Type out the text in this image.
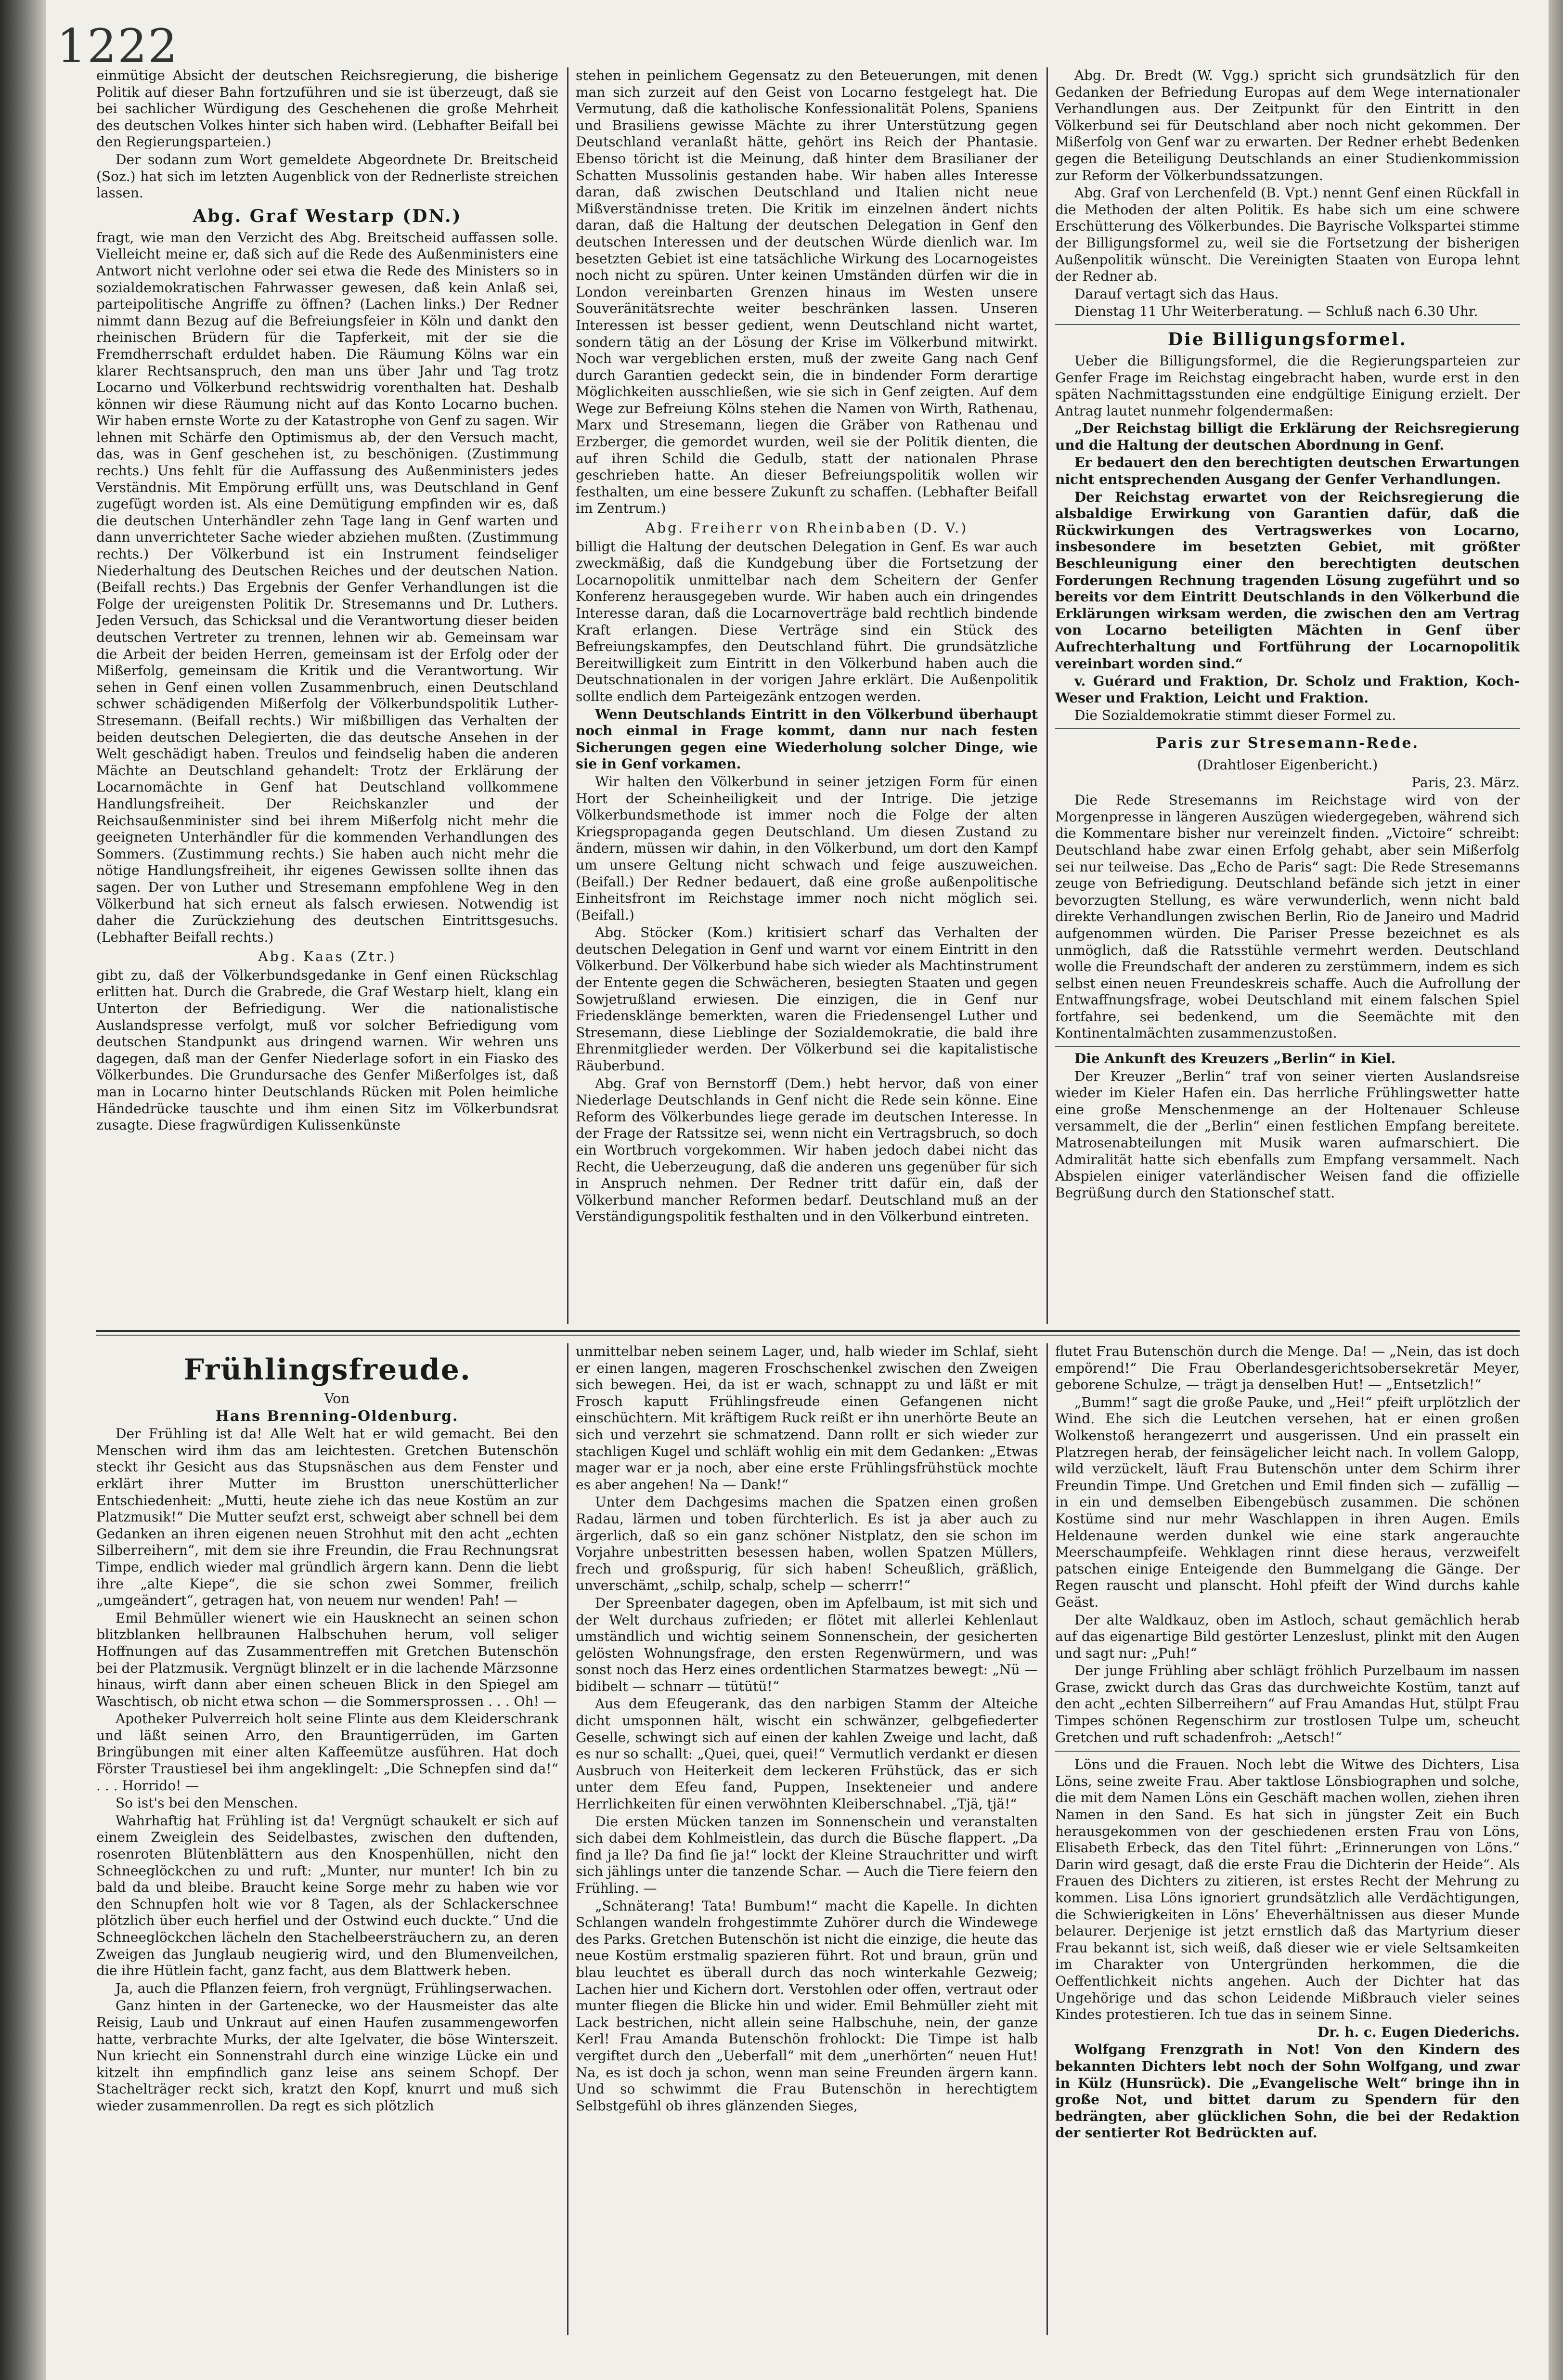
1222

einmütige Absicht der deutschen Reichsregierung, die bisherige Politik auf dieser Bahn fortzuführen und sie ist überzeugt, daß sie bei sachlicher Würdigung des Geschehenen die große Mehrheit des deutschen Volkes hinter sich haben wird. (Lebhafter Beifall bei den Regierungsparteien.)

Der sodann zum Wort gemeldete Abgeordnete Dr. Breitscheid (Soz.) hat sich im letzten Augenblick von der Rednerliste streichen lassen.

Abg. Graf Westarp (DN.)

fragt, wie man den Verzicht des Abg. Breitscheid auffassen solle. Vielleicht meine er, daß sich auf die Rede des Außenministers eine Antwort nicht verlohne oder sei etwa die Rede des Ministers so in sozialdemokratischen Fahrwasser gewesen, daß kein Anlaß sei, parteipolitische Angriffe zu öffnen? (Lachen links.) Der Redner nimmt dann Bezug auf die Befreiungsfeier in Köln und dankt den rheinischen Brüdern für die Tapferkeit, mit der sie die Fremdherrschaft erduldet haben. Die Räumung Kölns war ein klarer Rechtsanspruch, den man uns über Jahr und Tag trotz Locarno und Völkerbund rechtswidrig vorenthalten hat. Deshalb können wir diese Räumung nicht auf das Konto Locarno buchen. Wir haben ernste Worte zu der Katastrophe von Genf zu sagen. Wir lehnen mit Schärfe den Optimismus ab, der den Versuch macht, das, was in Genf geschehen ist, zu beschönigen. (Zustimmung rechts.) Uns fehlt für die Auffassung des Außenministers jedes Verständnis. Mit Empörung erfüllt uns, was Deutschland in Genf zugefügt worden ist. Als eine Demütigung empfinden wir es, daß die deutschen Unterhändler zehn Tage lang in Genf warten und dann unverrichteter Sache wieder abziehen mußten. (Zustimmung rechts.) Der Völkerbund ist ein Instrument feindseliger Niederhaltung des Deutschen Reiches und der deutschen Nation. (Beifall rechts.) Das Ergebnis der Genfer Verhandlungen ist die Folge der ureigensten Politik Dr. Stresemanns und Dr. Luthers. Jeden Versuch, das Schicksal und die Verantwortung dieser beiden deutschen Vertreter zu trennen, lehnen wir ab. Gemeinsam war die Arbeit der beiden Herren, gemeinsam ist der Erfolg oder der Mißerfolg, gemeinsam die Kritik und die Verantwortung. Wir sehen in Genf einen vollen Zusammenbruch, einen Deutschland schwer schädigenden Mißerfolg der Völkerbundspolitik Luther-Stresemann. (Beifall rechts.) Wir mißbilligen das Verhalten der beiden deutschen Delegierten, die das deutsche Ansehen in der Welt geschädigt haben. Treulos und feindselig haben die anderen Mächte an Deutschland gehandelt: Trotz der Erklärung der Locarnomächte in Genf hat Deutschland vollkommene Handlungsfreiheit. Der Reichskanzler und der Reichsaußenminister sind bei ihrem Mißerfolg nicht mehr die geeigneten Unterhändler für die kommenden Verhandlungen des Sommers. (Zustimmung rechts.) Sie haben auch nicht mehr die nötige Handlungsfreiheit, ihr eigenes Gewissen sollte ihnen das sagen. Der von Luther und Stresemann empfohlene Weg in den Völkerbund hat sich erneut als falsch erwiesen. Notwendig ist daher die Zurückziehung des deutschen Eintrittsgesuchs. (Lebhafter Beifall rechts.)

Abg. Kaas (Ztr.)

gibt zu, daß der Völkerbundsgedanke in Genf einen Rückschlag erlitten hat. Durch die Grabrede, die Graf Westarp hielt, klang ein Unterton der Befriedigung. Wer die nationalistische Auslandspresse verfolgt, muß vor solcher Befriedigung vom deutschen Standpunkt aus dringend warnen. Wir wehren uns dagegen, daß man der Genfer Niederlage sofort in ein Fiasko des Völkerbundes. Die Grundursache des Genfer Mißerfolges ist, daß man in Locarno hinter Deutschlands Rücken mit Polen heimliche Händedrücke tauschte und ihm einen Sitz im Völkerbundsrat zusagte. Diese fragwürdigen Kulissenkünste

stehen in peinlichem Gegensatz zu den Beteuerungen, mit denen man sich zurzeit auf den Geist von Locarno festgelegt hat. Die Vermutung, daß die katholische Konfessionalität Polens, Spaniens und Brasiliens gewisse Mächte zu ihrer Unterstützung gegen Deutschland veranlaßt hätte, gehört ins Reich der Phantasie. Ebenso töricht ist die Meinung, daß hinter dem Brasilianer der Schatten Mussolinis gestanden habe. Wir haben alles Interesse daran, daß zwischen Deutschland und Italien nicht neue Mißverständnisse treten. Die Kritik im einzelnen ändert nichts daran, daß die Haltung der deutschen Delegation in Genf den deutschen Interessen und der deutschen Würde dienlich war. Im besetzten Gebiet ist eine tatsächliche Wirkung des Locarnogeistes noch nicht zu spüren. Unter keinen Umständen dürfen wir die in London vereinbarten Grenzen hinaus im Westen unsere Souveränitätsrechte weiter beschränken lassen. Unseren Interessen ist besser gedient, wenn Deutschland nicht wartet, sondern tätig an der Lösung der Krise im Völkerbund mitwirkt. Noch war vergeblichen ersten, muß der zweite Gang nach Genf durch Garantien gedeckt sein, die in bindender Form derartige Möglichkeiten ausschließen, wie sie sich in Genf zeigten. Auf dem Wege zur Befreiung Kölns stehen die Namen von Wirth, Rathenau, Marx und Stresemann, liegen die Gräber von Rathenau und Erzberger, die gemordet wurden, weil sie der Politik dienten, die auf ihren Schild die Gedulb, statt der nationalen Phrase geschrieben hatte. An dieser Befreiungspolitik wollen wir festhalten, um eine bessere Zukunft zu schaffen. (Lebhafter Beifall im Zentrum.)

Abg. Freiherr von Rheinbaben (D. V.)

billigt die Haltung der deutschen Delegation in Genf. Es war auch zweckmäßig, daß die Kundgebung über die Fortsetzung der Locarnopolitik unmittelbar nach dem Scheitern der Genfer Konferenz herausgegeben wurde. Wir haben auch ein dringendes Interesse daran, daß die Locarnoverträge bald rechtlich bindende Kraft erlangen. Diese Verträge sind ein Stück des Befreiungskampfes, den Deutschland führt. Die grundsätzliche Bereitwilligkeit zum Eintritt in den Völkerbund haben auch die Deutschnationalen in der vorigen Jahre erklärt. Die Außenpolitik sollte endlich dem Parteigezänk entzogen werden.

Wenn Deutschlands Eintritt in den Völkerbund überhaupt noch einmal in Frage kommt, dann nur nach festen Sicherungen gegen eine Wiederholung solcher Dinge, wie sie in Genf vorkamen.

Wir halten den Völkerbund in seiner jetzigen Form für einen Hort der Scheinheiligkeit und der Intrige. Die jetzige Völkerbundsmethode ist immer noch die Folge der alten Kriegspropaganda gegen Deutschland. Um diesen Zustand zu ändern, müssen wir dahin, in den Völkerbund, um dort den Kampf um unsere Geltung nicht schwach und feige auszuweichen. (Beifall.) Der Redner bedauert, daß eine große außenpolitische Einheitsfront im Reichstage immer noch nicht möglich sei. (Beifall.)

Abg. Stöcker (Kom.) kritisiert scharf das Verhalten der deutschen Delegation in Genf und warnt vor einem Eintritt in den Völkerbund. Der Völkerbund habe sich wieder als Machtinstrument der Entente gegen die Schwächeren, besiegten Staaten und gegen Sowjetrußland erwiesen. Die einzigen, die in Genf nur Friedensklänge bemerkten, waren die Friedensengel Luther und Stresemann, diese Lieblinge der Sozialdemokratie, die bald ihre Ehrenmitglieder werden. Der Völkerbund sei die kapitalistische Räuberbund.

Abg. Graf von Bernstorff (Dem.) hebt hervor, daß von einer Niederlage Deutschlands in Genf nicht die Rede sein könne. Eine Reform des Völkerbundes liege gerade im deutschen Interesse. In der Frage der Ratssitze sei, wenn nicht ein Vertragsbruch, so doch ein Wortbruch vorgekommen. Wir haben jedoch dabei nicht das Recht, die Ueberzeugung, daß die anderen uns gegenüber für sich in Anspruch nehmen. Der Redner tritt dafür ein, daß der Völkerbund mancher Reformen bedarf. Deutschland muß an der Verständigungspolitik festhalten und in den Völkerbund eintreten.

Abg. Dr. Bredt (W. Vgg.) spricht sich grundsätzlich für den Gedanken der Befriedung Europas auf dem Wege internationaler Verhandlungen aus. Der Zeitpunkt für den Eintritt in den Völkerbund sei für Deutschland aber noch nicht gekommen. Der Mißerfolg von Genf war zu erwarten. Der Redner erhebt Bedenken gegen die Beteiligung Deutschlands an einer Studienkommission zur Reform der Völkerbundssatzungen.

Abg. Graf von Lerchenfeld (B. Vpt.) nennt Genf einen Rückfall in die Methoden der alten Politik. Es habe sich um eine schwere Erschütterung des Völkerbundes. Die Bayrische Volkspartei stimme der Billigungsformel zu, weil sie die Fortsetzung der bisherigen Außenpolitik wünscht. Die Vereinigten Staaten von Europa lehnt der Redner ab.

Darauf vertagt sich das Haus.

Dienstag 11 Uhr Weiterberatung. — Schluß nach 6.30 Uhr.

Die Billigungsformel.

Ueber die Billigungsformel, die die Regierungsparteien zur Genfer Frage im Reichstag eingebracht haben, wurde erst in den späten Nachmittagsstunden eine endgültige Einigung erzielt. Der Antrag lautet nunmehr folgendermaßen:

„Der Reichstag billigt die Erklärung der Reichsregierung und die Haltung der deutschen Abordnung in Genf.

Er bedauert den den berechtigten deutschen Erwartungen nicht entsprechenden Ausgang der Genfer Verhandlungen.

Der Reichstag erwartet von der Reichsregierung die alsbaldige Erwirkung von Garantien dafür, daß die Rückwirkungen des Vertragswerkes von Locarno, insbesondere im besetzten Gebiet, mit größter Beschleunigung einer den berechtigten deutschen Forderungen Rechnung tragenden Lösung zugeführt und so bereits vor dem Eintritt Deutschlands in den Völkerbund die Erklärungen wirksam werden, die zwischen den am Vertrag von Locarno beteiligten Mächten in Genf über Aufrechterhaltung und Fortführung der Locarnopolitik vereinbart worden sind.“

v. Guérard und Fraktion, Dr. Scholz und Fraktion, Koch-Weser und Fraktion, Leicht und Fraktion.

Die Sozialdemokratie stimmt dieser Formel zu.

Paris zur Stresemann-Rede.

(Drahtloser Eigenbericht.)

Paris, 23. März.

Die Rede Stresemanns im Reichstage wird von der Morgenpresse in längeren Auszügen wiedergegeben, während sich die Kommentare bisher nur vereinzelt finden. „Victoire“ schreibt: Deutschland habe zwar einen Erfolg gehabt, aber sein Mißerfolg sei nur teilweise. Das „Echo de Paris“ sagt: Die Rede Stresemanns zeuge von Befriedigung. Deutschland befände sich jetzt in einer bevorzugten Stellung, es wäre verwunderlich, wenn nicht bald direkte Verhandlungen zwischen Berlin, Rio de Janeiro und Madrid aufgenommen würden. Die Pariser Presse bezeichnet es als unmöglich, daß die Ratsstühle vermehrt werden. Deutschland wolle die Freundschaft der anderen zu zerstümmern, indem es sich selbst einen neuen Freundeskreis schaffe. Auch die Aufrollung der Entwaffnungsfrage, wobei Deutschland mit einem falschen Spiel fortfahre, sei bedenkend, um die Seemächte mit den Kontinentalmächten zusammenzustoßen.

Die Ankunft des Kreuzers „Berlin“ in Kiel.

Der Kreuzer „Berlin“ traf von seiner vierten Auslandsreise wieder im Kieler Hafen ein. Das herrliche Frühlingswetter hatte eine große Menschenmenge an der Holtenauer Schleuse versammelt, die der „Berlin“ einen festlichen Empfang bereitete. Matrosenabteilungen mit Musik waren aufmarschiert. Die Admiralität hatte sich ebenfalls zum Empfang versammelt. Nach Abspielen einiger vaterländischer Weisen fand die offizielle Begrüßung durch den Stationschef statt.

Frühlingsfreude.

Von

Hans Brenning-Oldenburg.

Der Frühling ist da! Alle Welt hat er wild gemacht. Bei den Menschen wird ihm das am leichtesten. Gretchen Butenschön steckt ihr Gesicht aus das Stupsnäschen aus dem Fenster und erklärt ihrer Mutter im Brustton unerschütterlicher Entschiedenheit: „Mutti, heute ziehe ich das neue Kostüm an zur Platzmusik!“ Die Mutter seufzt erst, schweigt aber schnell bei dem Gedanken an ihren eigenen neuen Strohhut mit den acht „echten Silberreihern“, mit dem sie ihre Freundin, die Frau Rechnungsrat Timpe, endlich wieder mal gründlich ärgern kann. Denn die liebt ihre „alte Kiepe“, die sie schon zwei Sommer, freilich „umgeändert“, getragen hat, von neuem nur wenden! Pah! —

Emil Behmüller wienert wie ein Hausknecht an seinen schon blitzblanken hellbraunen Halbschuhen herum, voll seliger Hoffnungen auf das Zusammentreffen mit Gretchen Butenschön bei der Platzmusik. Vergnügt blinzelt er in die lachende Märzsonne hinaus, wirft dann aber einen scheuen Blick in den Spiegel am Waschtisch, ob nicht etwa schon — die Sommersprossen . . . Oh! —

Apotheker Pulverreich holt seine Flinte aus dem Kleiderschrank und läßt seinen Arro, den Brauntigerrüden, im Garten Bringübungen mit einer alten Kaffeemütze ausführen. Hat doch Förster Traustiesel bei ihm angeklingelt: „Die Schnepfen sind da!“ . . . Horrido! —

So ist's bei den Menschen.

Wahrhaftig hat Frühling ist da! Vergnügt schaukelt er sich auf einem Zweiglein des Seidelbastes, zwischen den duftenden, rosenroten Blütenblättern aus den Knospenhüllen, nicht den Schneeglöckchen zu und ruft: „Munter, nur munter! Ich bin zu bald da und bleibe. Braucht keine Sorge mehr zu haben wie vor den Schnupfen holt wie vor 8 Tagen, als der Schlackerschnee plötzlich über euch herfiel und der Ostwind euch duckte.“ Und die Schneeglöckchen lächeln den Stachelbeersträuchern zu, an deren Zweigen das Junglaub neugierig wird, und den Blumenveilchen, die ihre Hütlein facht, ganz facht, aus dem Blattwerk heben.

Ja, auch die Pflanzen feiern, froh vergnügt, Frühlingserwachen.

Ganz hinten in der Gartenecke, wo der Hausmeister das alte Reisig, Laub und Unkraut auf einen Haufen zusammengeworfen hatte, verbrachte Murks, der alte Igelvater, die böse Winterszeit. Nun kriecht ein Sonnenstrahl durch eine winzige Lücke ein und kitzelt ihn empfindlich ganz leise ans seinem Schopf. Der Stachelträger reckt sich, kratzt den Kopf, knurrt und muß sich wieder zusammenrollen. Da regt es sich plötzlich

unmittelbar neben seinem Lager, und, halb wieder im Schlaf, sieht er einen langen, mageren Froschschenkel zwischen den Zweigen sich bewegen. Hei, da ist er wach, schnappt zu und läßt er mit Frosch kaputt Frühlingsfreude einen Gefangenen nicht einschüchtern. Mit kräftigem Ruck reißt er ihn unerhörte Beute an sich und verzehrt sie schmatzend. Dann rollt er sich wieder zur stachligen Kugel und schläft wohlig ein mit dem Gedanken: „Etwas mager war er ja noch, aber eine erste Frühlingsfrühstück mochte es aber angehen! Na — Dank!“

Unter dem Dachgesims machen die Spatzen einen großen Radau, lärmen und toben fürchterlich. Es ist ja aber auch zu ärgerlich, daß so ein ganz schöner Nistplatz, den sie schon im Vorjahre unbestritten besessen haben, wollen Spatzen Müllers, frech und großspurig, für sich haben! Scheußlich, gräßlich, unverschämt, „schilp, schalp, schelp — scherrr!“

Der Spreenbater dagegen, oben im Apfelbaum, ist mit sich und der Welt durchaus zufrieden; er flötet mit allerlei Kehlenlaut umständlich und wichtig seinem Sonnenschein, der gesicherten gelösten Wohnungsfrage, den ersten Regenwürmern, und was sonst noch das Herz eines ordentlichen Starmatzes bewegt: „Nü — bidibelt — schnarr — tütütü!“

Aus dem Efeugerank, das den narbigen Stamm der Alteiche dicht umsponnen hält, wischt ein schwänzer, gelbgefiederter Geselle, schwingt sich auf einen der kahlen Zweige und lacht, daß es nur so schallt: „Quei, quei, quei!“ Vermutlich verdankt er diesen Ausbruch von Heiterkeit dem leckeren Frühstück, das er sich unter dem Efeu fand, Puppen, Insekteneier und andere Herrlichkeiten für einen verwöhnten Kleiberschnabel. „Tjä, tjä!“

Die ersten Mücken tanzen im Sonnenschein und veranstalten sich dabei dem Kohlmeistlein, das durch die Büsche flappert. „Da find ja lle? Da find ſie ja!“ lockt der Kleine Strauchritter und wirft sich jählings unter die tanzende Schar. — Auch die Tiere feiern den Frühling. —

„Schnäterang! Tata! Bumbum!“ macht die Kapelle. In dichten Schlangen wandeln frohgestimmte Zuhörer durch die Windewege des Parks. Gretchen Butenschön ist nicht die einzige, die heute das neue Kostüm erstmalig spazieren führt. Rot und braun, grün und blau leuchtet es überall durch das noch winterkahle Gezweig; Lachen hier und Kichern dort. Verstohlen oder offen, vertraut oder munter fliegen die Blicke hin und wider. Emil Behmüller zieht mit Lack bestrichen, nicht allein seine Halbschuhe, nein, der ganze Kerl! Frau Amanda Butenschön frohlockt: Die Timpe ist halb vergiftet durch den „Ueberfall“ mit dem „unerhörten“ neuen Hut! Na, es ist doch ja schon, wenn man seine Freunden ärgern kann. Und so schwimmt die Frau Butenschön in herechtigtem Selbstgefühl ob ihres glänzenden Sieges,

flutet Frau Butenschön durch die Menge. Da! — „Nein, das ist doch empörend!“ Die Frau Oberlandesgerichtsobersekretär Meyer, geborene Schulze, — trägt ja denselben Hut! — „Entsetzlich!“

„Bumm!“ sagt die große Pauke, und „Hei!“ pfeift urplötzlich der Wind. Ehe sich die Leutchen versehen, hat er einen großen Wolkenstoß herangezerrt und ausgerissen. Und ein prasselt ein Platzregen herab, der feinsägelicher leicht nach. In vollem Galopp, wild verzückelt, läuft Frau Butenschön unter dem Schirm ihrer Freundin Timpe. Und Gretchen und Emil finden sich — zufällig — in ein und demselben Eibengebüsch zusammen. Die schönen Kostüme sind nur mehr Waschlappen in ihren Augen. Emils Heldenaune werden dunkel wie eine stark angerauchte Meerschaumpfeife. Wehklagen rinnt diese heraus, verzweifelt patschen einige Enteigende den Bummelgang die Gänge. Der Regen rauscht und planscht. Hohl pfeift der Wind durchs kahle Geäst.

Der alte Waldkauz, oben im Astloch, schaut gemächlich herab auf das eigenartige Bild gestörter Lenzeslust, plinkt mit den Augen und sagt nur: „Puh!“

Der junge Frühling aber schlägt fröhlich Purzelbaum im nassen Grase, zwickt durch das Gras das durchweichte Kostüm, tanzt auf den acht „echten Silberreihern“ auf Frau Amandas Hut, stülpt Frau Timpes schönen Regenschirm zur trostlosen Tulpe um, scheucht Gretchen und ruft schadenfroh: „Aetsch!“

Löns und die Frauen. Noch lebt die Witwe des Dichters, Lisa Löns, seine zweite Frau. Aber taktlose Lönsbiographen und solche, die mit dem Namen Löns ein Geschäft machen wollen, ziehen ihren Namen in den Sand. Es hat sich in jüngster Zeit ein Buch herausgekommen von der geschiedenen ersten Frau von Löns, Elisabeth Erbeck, das den Titel führt: „Erinnerungen von Löns.“ Darin wird gesagt, daß die erste Frau die Dichterin der Heide“. Als Frauen des Dichters zu zitieren, ist erstes Recht der Mehrung zu kommen. Lisa Löns ignoriert grundsätzlich alle Verdächtigungen, die Schwierigkeiten in Löns’ Eheverhältnissen aus dieser Munde belaurer. Derjenige ist jetzt ernstlich daß das Martyrium dieser Frau bekannt ist, sich weiß, daß dieser wie er viele Seltsamkeiten im Charakter von Untergründen herkommen, die die Oeffentlichkeit nichts angehen. Auch der Dichter hat das Ungehörige und das schon Leidende Mißbrauch vieler seines Kindes protestieren. Ich tue das in seinem Sinne.

Dr. h. c. Eugen Diederichs.

Wolfgang Frenzgrath in Not! Von den Kindern des bekannten Dichters lebt noch der Sohn Wolfgang, und zwar in Külz (Hunsrück). Die „Evangelische Welt“ bringe ihn in große Not, und bittet darum zu Spendern für den bedrängten, aber glücklichen Sohn, die bei der Redaktion der sentierter Rot Bedrückten auf.
